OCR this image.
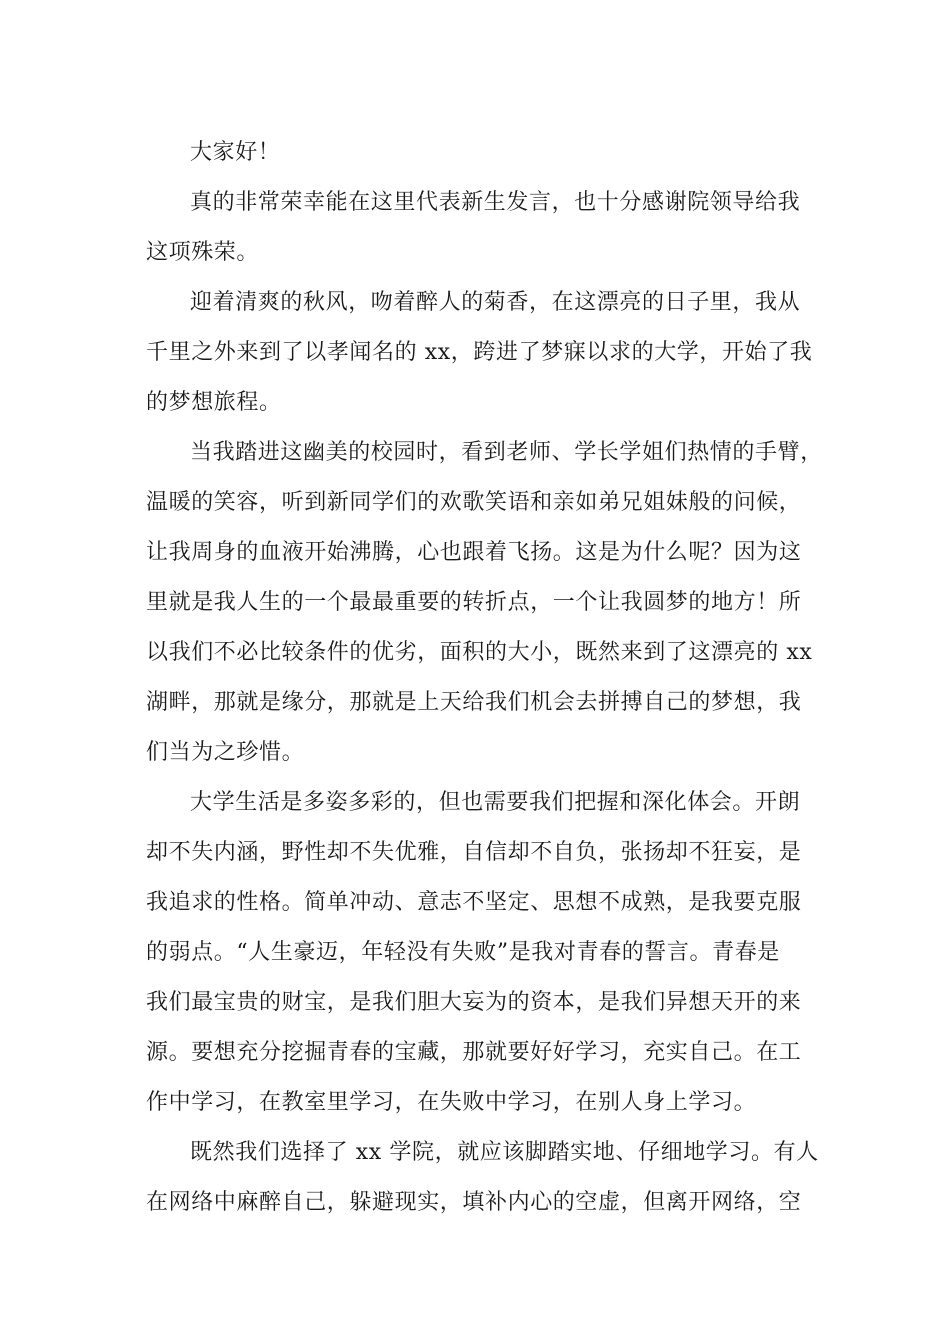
大家好！
真的非常荣幸能在这里代表新生发言，也十分感谢院领导给我
这项殊荣。
迎着清爽的秋风，吻着醉人的菊香，在这漂亮的日子里，我从
千里之外来到了以孝闻名的 xx，跨进了梦寐以求的大学，开始了我
的梦想旅程。
当我踏进这幽美的校园时，看到老师、学长学姐们热情的手臂，
温暖的笑容，听到新同学们的欢歌笑语和亲如弟兄姐妹般的问候，
让我周身的血液开始沸腾，心也跟着飞扬。这是为什么呢？因为这
里就是我人生的一个最最重要的转折点，一个让我圆梦的地方！所
以我们不必比较条件的优劣，面积的大小，既然来到了这漂亮的 xx
湖畔，那就是缘分，那就是上天给我们机会去拼搏自己的梦想，我
们当为之珍惜。
大学生活是多姿多彩的，但也需要我们把握和深化体会。开朗
却不失内涵，野性却不失优雅，自信却不自负，张扬却不狂妄，是
我追求的性格。简单冲动、意志不坚定、思想不成熟，是我要克服
的弱点。“人生豪迈，年轻没有失败”是我对青春的誓言。青春是
我们最宝贵的财宝，是我们胆大妄为的资本，是我们异想天开的来
源。要想充分挖掘青春的宝藏，那就要好好学习，充实自己。在工
作中学习，在教室里学习，在失败中学习，在别人身上学习。
既然我们选择了 xx 学院，就应该脚踏实地、仔细地学习。有人
在网络中麻醉自己，躲避现实，填补内心的空虚，但离开网络，空
